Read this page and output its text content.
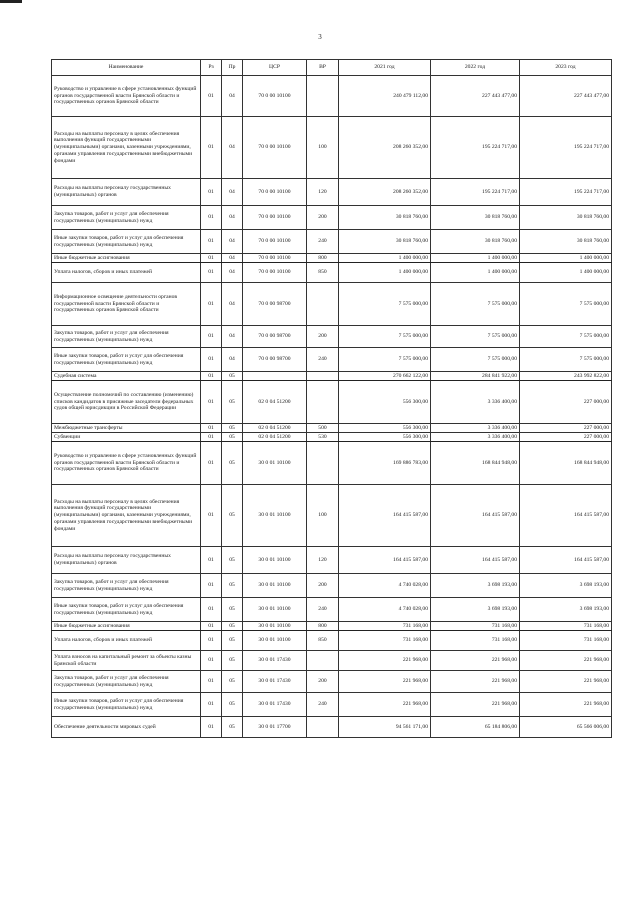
3
Наименование	Рз	Пр	ЦСР	ВР	2021 год	2022 год	2023 год
Руководство и управление в сфере установленных функций органов государственной власти Брянской области и государственных органов Брянской области	01	04	70 0 00 10100		240 479 112,00	227 443 477,00	227 443 477,00
Расходы на выплаты персоналу в целях обеспечения выполнения функций государственными (муниципальными) органами, казенными учреждениями, органами управления государственными внебюджетными фондами	01	04	70 0 00 10100	100	208 260 352,00	195 224 717,00	195 224 717,00
Расходы на выплаты персоналу государственных (муниципальных) органов	01	04	70 0 00 10100	120	208 260 352,00	195 224 717,00	195 224 717,00
Закупка товаров, работ и услуг для обеспечения государственных (муниципальных) нужд	01	04	70 0 00 10100	200	30 818 760,00	30 818 760,00	30 818 760,00
Иные закупки товаров, работ и услуг для обеспечения государственных (муниципальных) нужд	01	04	70 0 00 10100	240	30 818 760,00	30 818 760,00	30 818 760,00
Иные бюджетные ассигнования	01	04	70 0 00 10100	800	1 400 000,00	1 400 000,00	1 400 000,00
Уплата налогов, сборов и иных платежей	01	04	70 0 00 10100	850	1 400 000,00	1 400 000,00	1 400 000,00
Информационное освещение деятельности органов государственной власти Брянской области и государственных органов Брянской области	01	04	70 0 00 98700		7 575 000,00	7 575 000,00	7 575 000,00
Закупка товаров, работ и услуг для обеспечения государственных (муниципальных) нужд	01	04	70 0 00 98700	200	7 575 000,00	7 575 000,00	7 575 000,00
Иные закупки товаров, работ и услуг для обеспечения государственных (муниципальных) нужд	01	04	70 0 00 98700	240	7 575 000,00	7 575 000,00	7 575 000,00
Судебная система	01	05			270 662 122,00	284 841 922,00	243 992 822,00
Осуществление полномочий по составлению (изменению) списков кандидатов в присяжные заседатели федеральных судов общей юрисдикции в Российской Федерации	01	05	02 0 04 51200		556 300,00	3 336 400,00	227 000,00
Межбюджетные трансферты	01	05	02 0 04 51200	500	556 300,00	3 336 400,00	227 000,00
Субвенции	01	05	02 0 04 51200	530	556 300,00	3 336 400,00	227 000,00
Руководство и управление в сфере установленных функций органов государственной власти Брянской области и государственных органов Брянской области	01	05	30 0 01 10100		169 886 783,00	168 844 948,00	168 844 948,00
Расходы на выплаты персоналу в целях обеспечения выполнения функций государственными (муниципальными) органами, казенными учреждениями, органами управления государственными внебюджетными фондами	01	05	30 0 01 10100	100	164 415 587,00	164 415 587,00	164 415 587,00
Расходы на выплаты персоналу государственных (муниципальных) органов	01	05	30 0 01 10100	120	164 415 587,00	164 415 587,00	164 415 587,00
Закупка товаров, работ и услуг для обеспечения государственных (муниципальных) нужд	01	05	30 0 01 10100	200	4 740 028,00	3 698 193,00	3 698 193,00
Иные закупки товаров, работ и услуг для обеспечения государственных (муниципальных) нужд	01	05	30 0 01 10100	240	4 740 028,00	3 698 193,00	3 698 193,00
Иные бюджетные ассигнования	01	05	30 0 01 10100	800	731 168,00	731 168,00	731 168,00
Уплата налогов, сборов и иных платежей	01	05	30 0 01 10100	850	731 168,00	731 168,00	731 168,00
Уплата взносов на капитальный ремонт за объекты казны Брянской области	01	05	30 0 01 17430		221 968,00	221 968,00	221 968,00
Закупка товаров, работ и услуг для обеспечения государственных (муниципальных) нужд	01	05	30 0 01 17430	200	221 968,00	221 968,00	221 968,00
Иные закупки товаров, работ и услуг для обеспечения государственных (муниципальных) нужд	01	05	30 0 01 17430	240	221 968,00	221 968,00	221 968,00
Обеспечение деятельности мировых судей	01	05	30 0 01 17700		94 561 171,00	65 184 806,00	65 566 006,00
